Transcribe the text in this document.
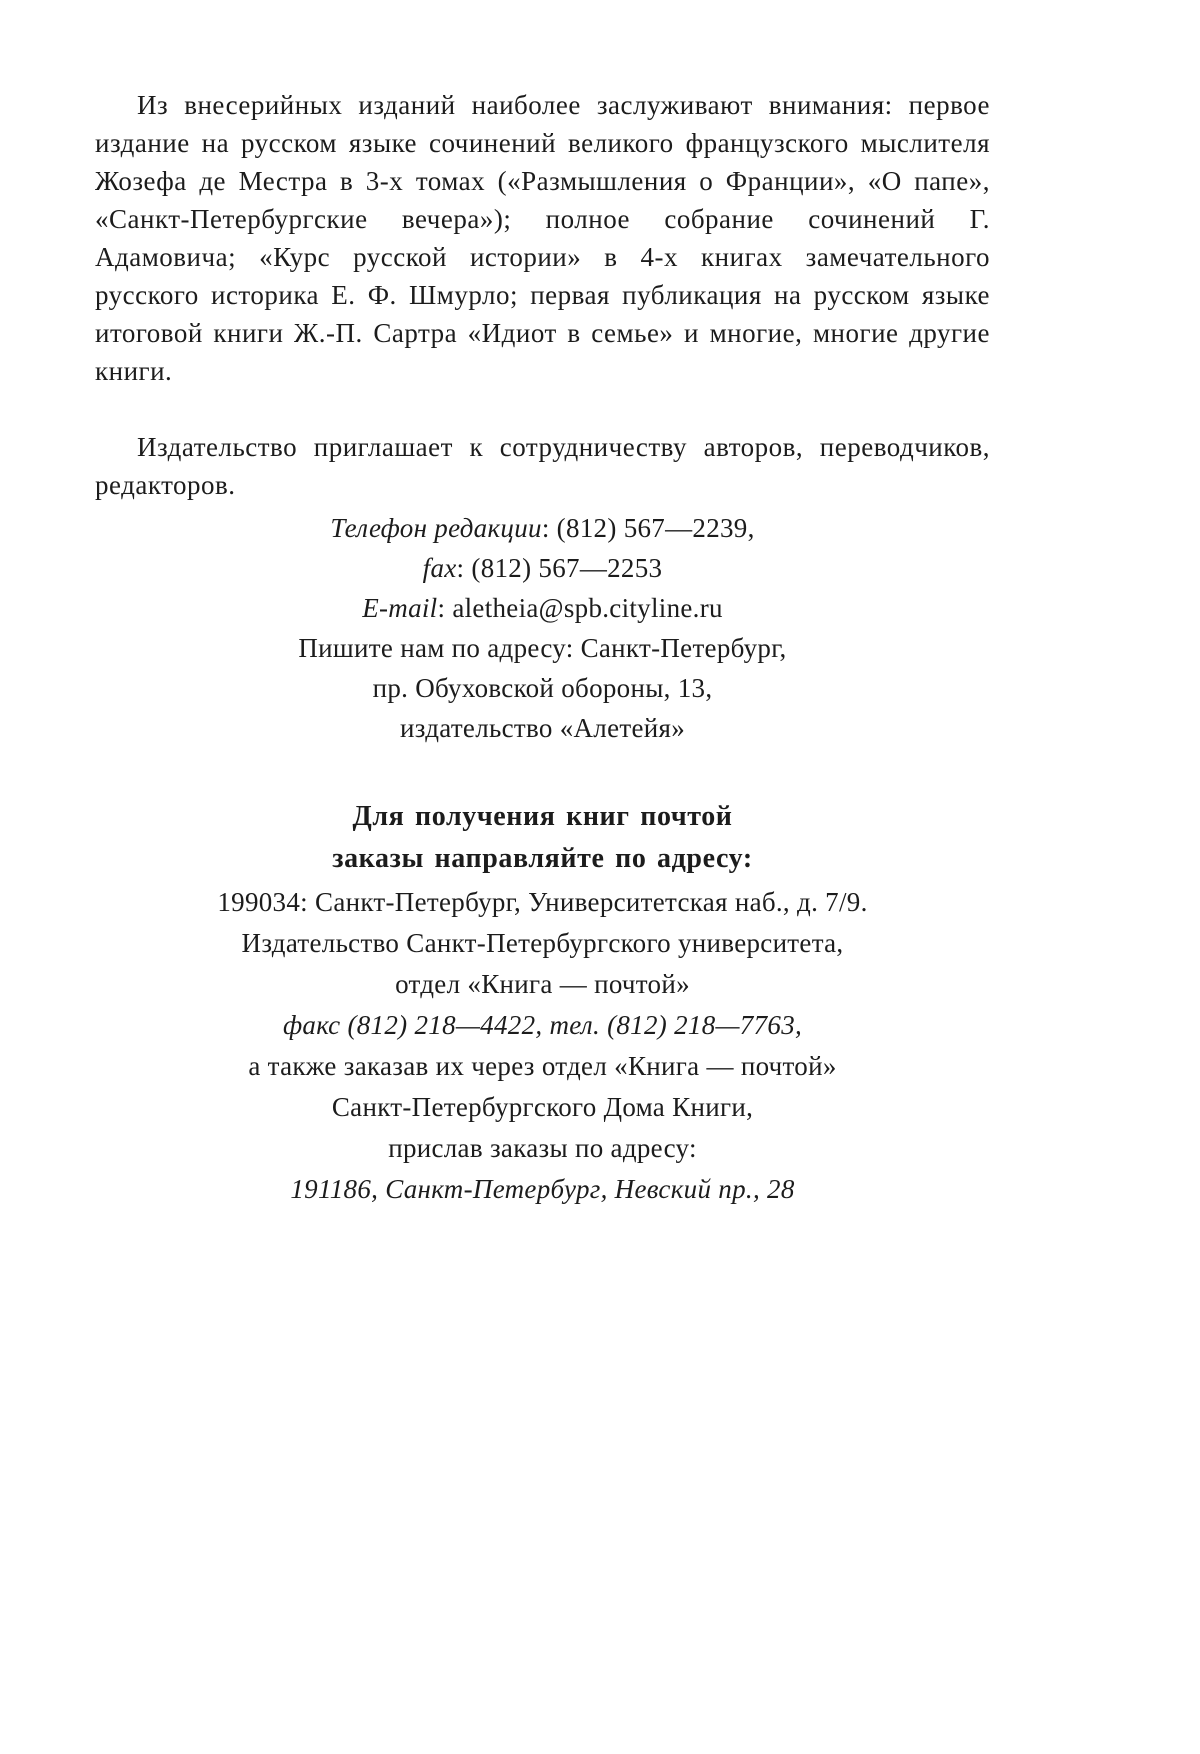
Из внесерийных изданий наиболее заслуживают внимания: первое издание на русском языке сочинений великого французского мыслителя Жозефа де Местра в 3-х томах («Размышления о Франции», «О папе», «Санкт-Петербургские вечера»); полное собрание сочинений Г. Адамовича; «Курс русской истории» в 4-х книгах замечательного русского историка Е. Ф. Шмурло; первая публикация на русском языке итоговой книги Ж.-П. Сартра «Идиот в семье» и многие, многие другие книги.

Издательство приглашает к сотрудничеству авторов, переводчиков, редакторов.

Телефон редакции: (812) 567—2239,
fax: (812) 567—2253
E-mail: aletheia@spb.cityline.ru
Пишите нам по адресу: Санкт-Петербург,
пр. Обуховской обороны, 13,
издательство «Алетейя»
Для получения книг почтой
заказы направляйте по адресу:
199034: Санкт-Петербург, Университетская наб., д. 7/9.
Издательство Санкт-Петербургского университета,
отдел «Книга — почтой»
факс (812) 218—4422, тел. (812) 218—7763,
а также заказав их через отдел «Книга — почтой»
Санкт-Петербургского Дома Книги,
прислав заказы по адресу:
191186, Санкт-Петербург, Невский пр., 28
